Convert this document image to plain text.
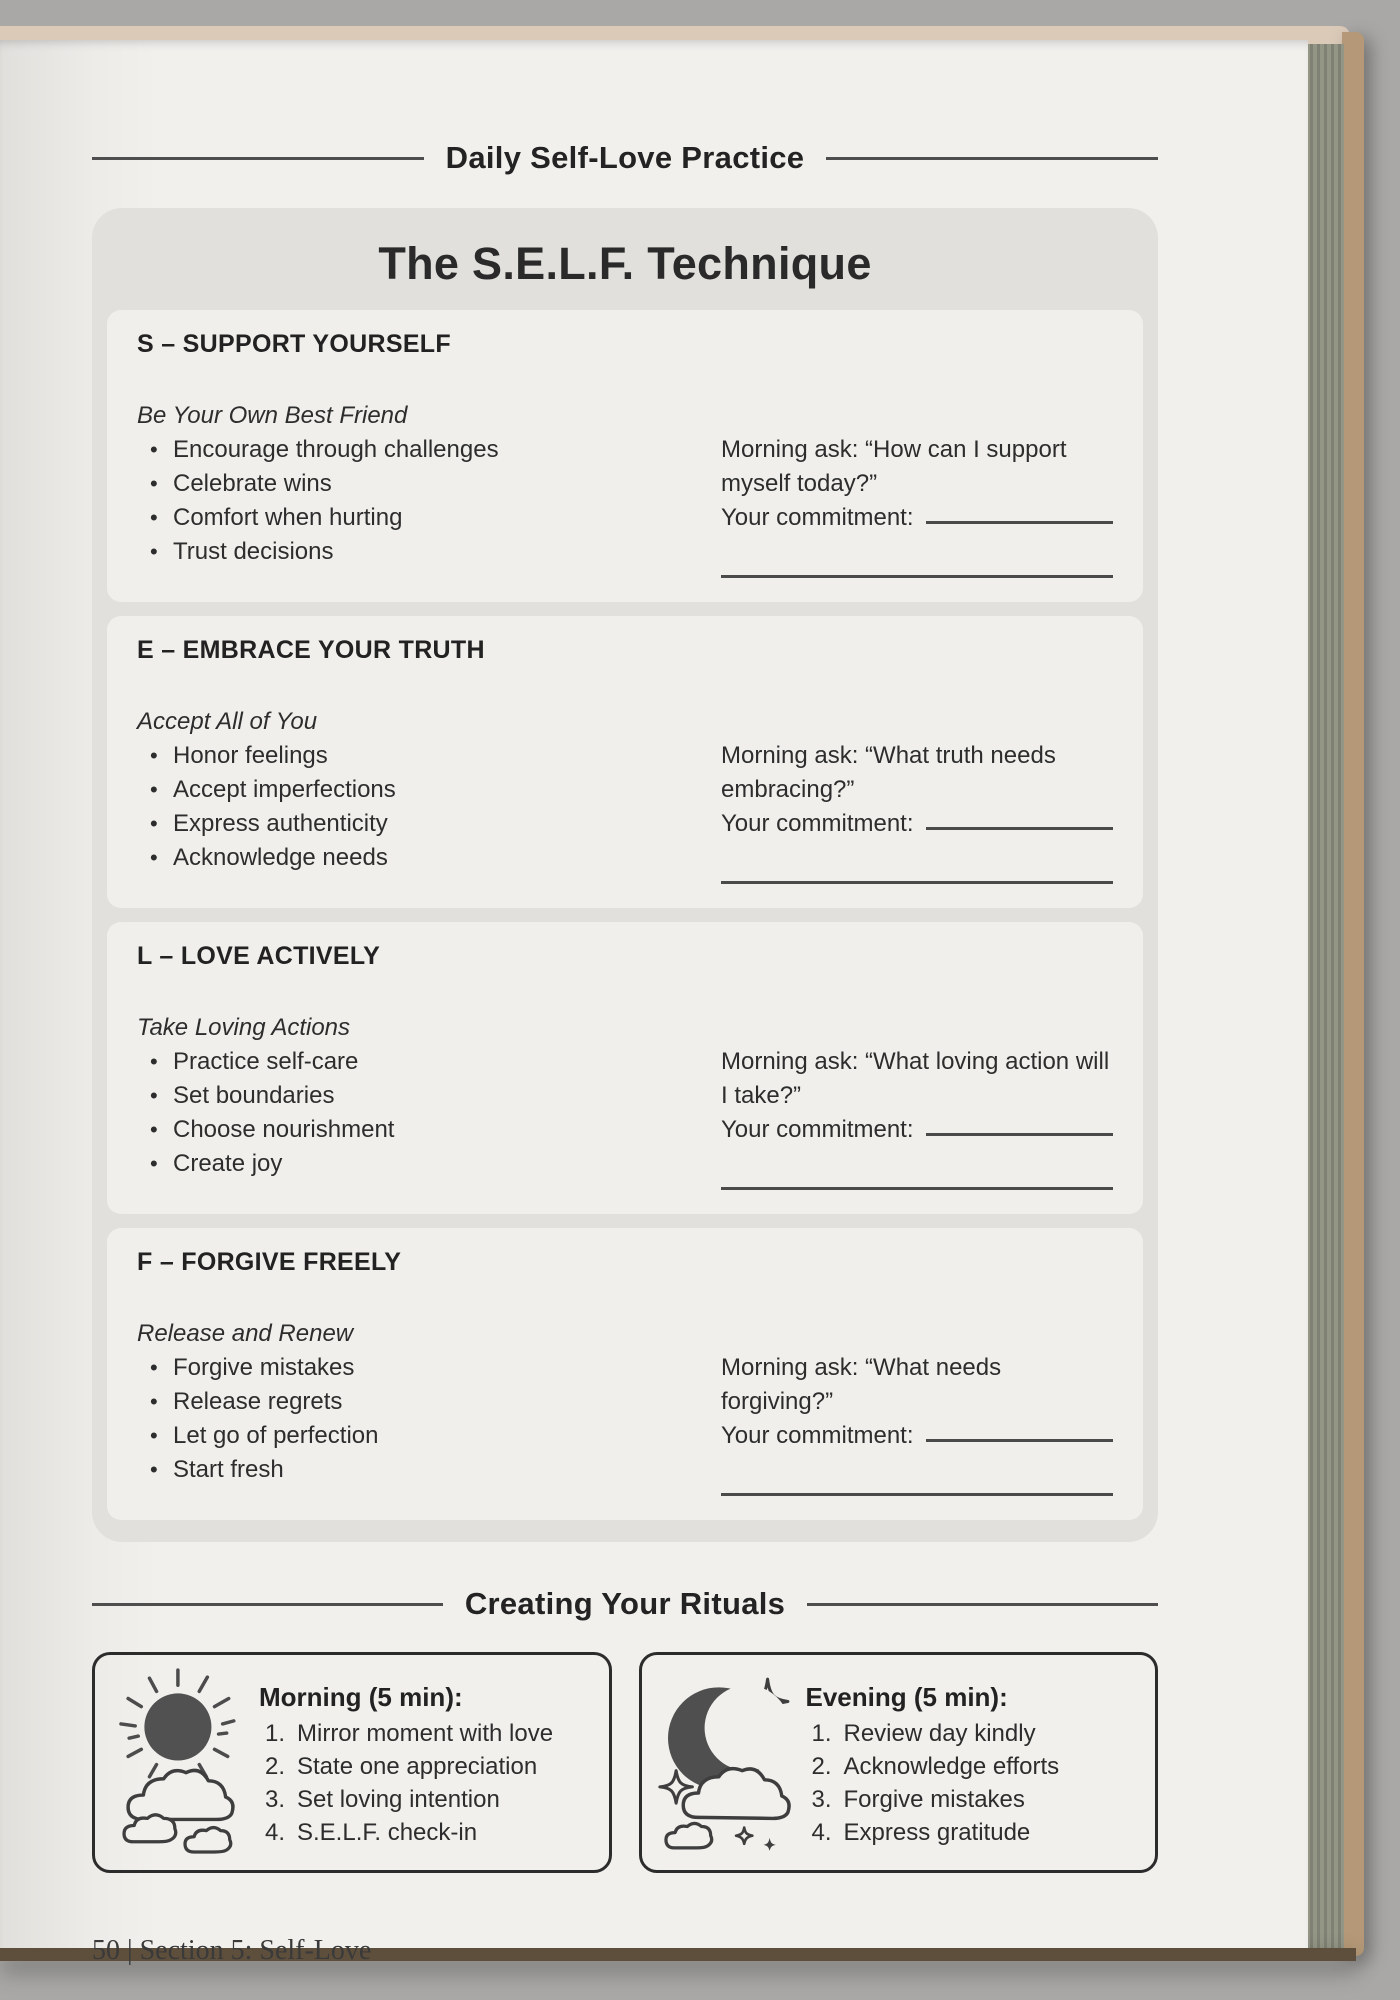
Daily Self-Love Practice
The S.E.L.F. Technique
S – SUPPORT YOURSELF
Be Your Own Best Friend
• Encourage through challenges
• Celebrate wins
• Comfort when hurting
• Trust decisions
Morning ask: “How can I support myself today?”
Your commitment:
E – EMBRACE YOUR TRUTH
Accept All of You
• Honor feelings
• Accept imperfections
• Express authenticity
• Acknowledge needs
Morning ask: “What truth needs embracing?”
Your commitment:
L – LOVE ACTIVELY
Take Loving Actions
• Practice self-care
• Set boundaries
• Choose nourishment
• Create joy
Morning ask: “What loving action will I take?”
Your commitment:
F – FORGIVE FREELY
Release and Renew
• Forgive mistakes
• Release regrets
• Let go of perfection
• Start fresh
Morning ask: “What needs forgiving?”
Your commitment:
Creating Your Rituals
Morning (5 min):
Mirror moment with love
State one appreciation
Set loving intention
S.E.L.F. check-in
Evening (5 min):
Review day kindly
Acknowledge efforts
Forgive mistakes
Express gratitude
50 | Section 5: Self-Love
